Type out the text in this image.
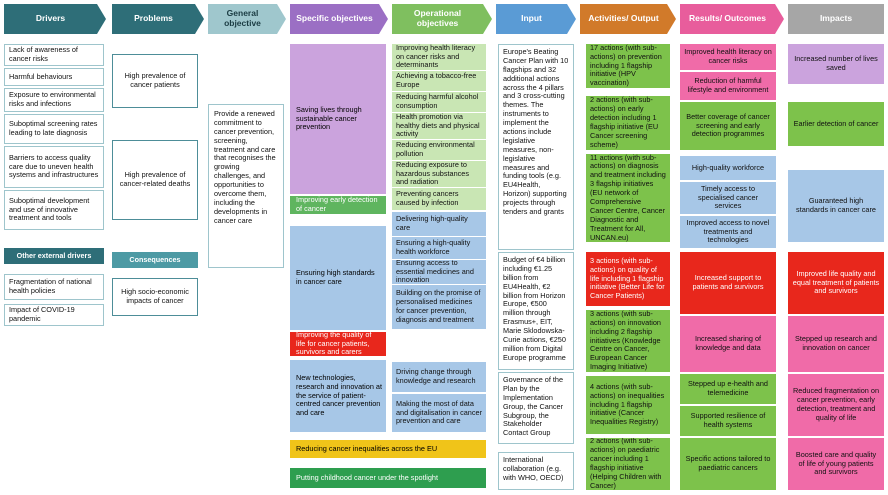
Drivers	Problems	General objective	Specific objectives	Operational objectives	Input	Activities/ Output	Results/ Outcomes	Impacts
Lack of awareness of cancer risks
Harmful behaviours
Exposure to environmental risks and infections
Suboptimal screening rates leading to late diagnosis
Barriers to access quality care due to uneven health systems and infrastructures
Suboptimal development and use of innovative treatment and tools
Other external drivers
Fragmentation of national health policies
Impact of COVID-19 pandemic
High prevalence of cancer patients
High prevalence of cancer-related deaths
Consequences
High socio-economic impacts of cancer
Provide a renewed commitment to cancer prevention, screening, treatment and care that recognises the growing challenges, and opportunities to overcome them, including the developments in cancer care
Saving lives through sustainable cancer prevention
Improving early detection of cancer
Ensuring high standards in cancer care
Improving the quality of life for cancer patients, survivors and carers
New technologies, research and innovation at the service of patient-centred cancer prevention and care
Reducing cancer inequalities across the EU
Putting childhood cancer under the spotlight
Improving health literacy on cancer risks and determinants
Achieving a tobacco-free Europe
Reducing harmful alcohol consumption
Health promotion via healthy diets and physical activity
Reducing environmental pollution
Reducing exposure to hazardous substances and radiation
Preventing cancers caused by infection
Delivering high-quality care
Ensuring a high-quality health workforce
Ensuring access to essential medicines and innovation
Building on the promise of personalised medicines for cancer prevention, diagnosis and treatment
Driving change through knowledge and research
Making the most of data and digitalisation in cancer prevention and care
Europe's Beating Cancer Plan with 10 flagships and 32 additional actions across the 4 pillars and 3 cross-cutting themes. The instruments to implement the actions include legislative measures, non-legislative measures and funding tools (e.g. EU4Health, Horizon) supporting projects through tenders and grants
Budget of €4 billion including €1.25 billion from EU4Health, €2 billion from Horizon Europe, €500 million through Erasmus+, EIT, Marie Sklodowska-Curie actions, €250 million from Digital Europe programme
Governance of the Plan by the Implementation Group, the Cancer Subgroup, the Stakeholder Contact Group
International collaboration (e.g. with WHO, OECD)
17 actions (with sub-actions) on prevention including 1 flagship initiative (HPV vaccination)
2 actions (with sub-actions) on early detection including 1 flagship initiative (EU Cancer screening scheme)
11 actions (with sub-actions) on diagnosis and treatment including 3 flagship initiatives (EU network of Comprehensive Cancer Centre, Cancer Diagnostic and Treatment for All, UNCAN.eu)
3 actions (with sub-actions) on quality of life including 1 flagship initiative (Better Life for Cancer Patients)
3 actions (with sub-actions) on innovation including 2 flagship initiatives (Knowledge Centre on Cancer, European Cancer Imaging Initiative)
4 actions (with sub-actions) on inequalities including 1 flagship initiative (Cancer Inequalities Registry)
2 actions (with sub-actions) on paediatric cancer including 1 flagship initiative (Helping Children with Cancer)
Improved health literacy on cancer risks
Reduction of harmful lifestyle and environment
Better coverage of cancer screening and early detection programmes
High-quality workforce
Timely access to specialised cancer services
Improved access to novel treatments and technologies
Increased support to patients and survivors
Increased sharing of knowledge and data
Stepped up e-health and telemedicine
Supported resilience of health systems
Specific actions tailored to paediatric cancers
Increased number of lives saved
Earlier detection of cancer
Guaranteed high standards in cancer care
Improved life quality and equal treatment of patients and survivors
Stepped up research and innovation on cancer
Reduced fragmentation on cancer prevention, early detection, treatment and quality of life
Boosted care and quality of life of young patients and survivors
